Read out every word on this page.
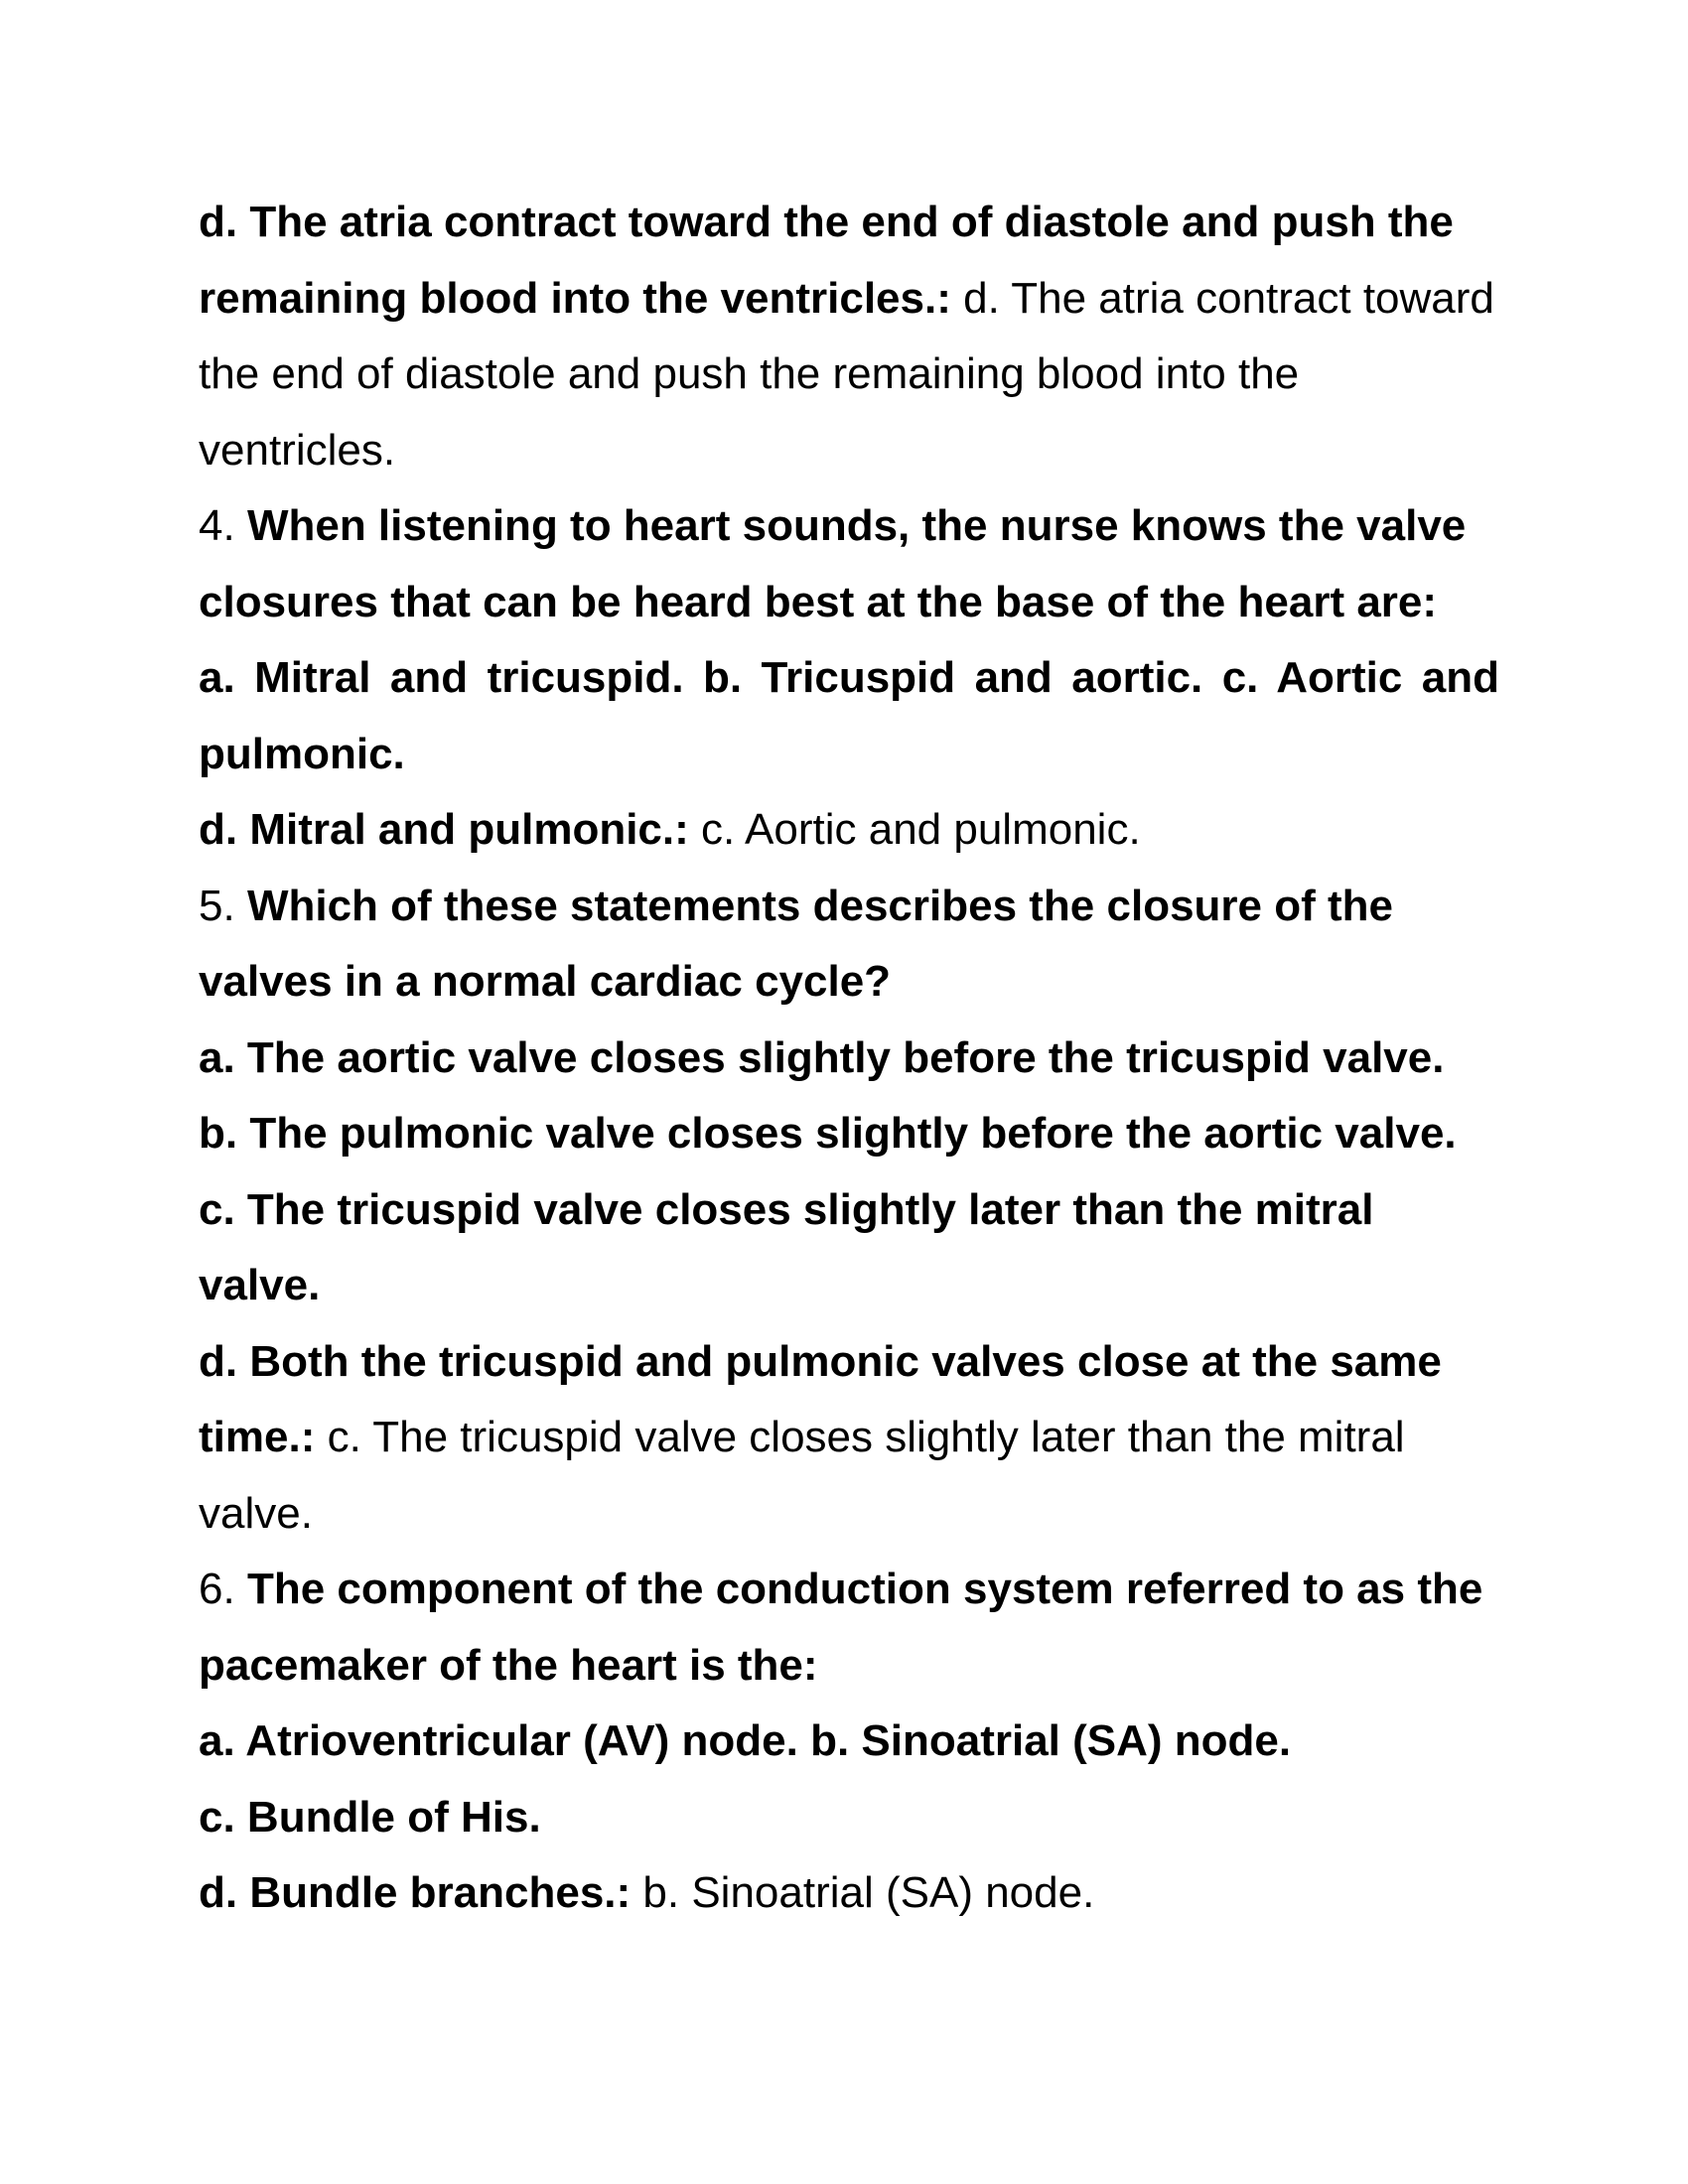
d. The atria contract toward the end of diastole and push the remaining blood into the ventricles.: d. The atria contract toward the end of diastole and push the remaining blood into the ventricles.

4. When listening to heart sounds, the nurse knows the valve closures that can be heard best at the base of the heart are:

a. Mitral and tricuspid. b. Tricuspid and aortic. c. Aortic and pulmonic.

d. Mitral and pulmonic.: c. Aortic and pulmonic.

5. Which of these statements describes the closure of the valves in a normal cardiac cycle?

a. The aortic valve closes slightly before the tricuspid valve.

b. The pulmonic valve closes slightly before the aortic valve.

c. The tricuspid valve closes slightly later than the mitral valve.

d. Both the tricuspid and pulmonic valves close at the same time.: c. The tricuspid valve closes slightly later than the mitral valve.

6. The component of the conduction system referred to as the pacemaker of the heart is the:

a. Atrioventricular (AV) node. b. Sinoatrial (SA) node.

c. Bundle of His.

d. Bundle branches.: b. Sinoatrial (SA) node.
